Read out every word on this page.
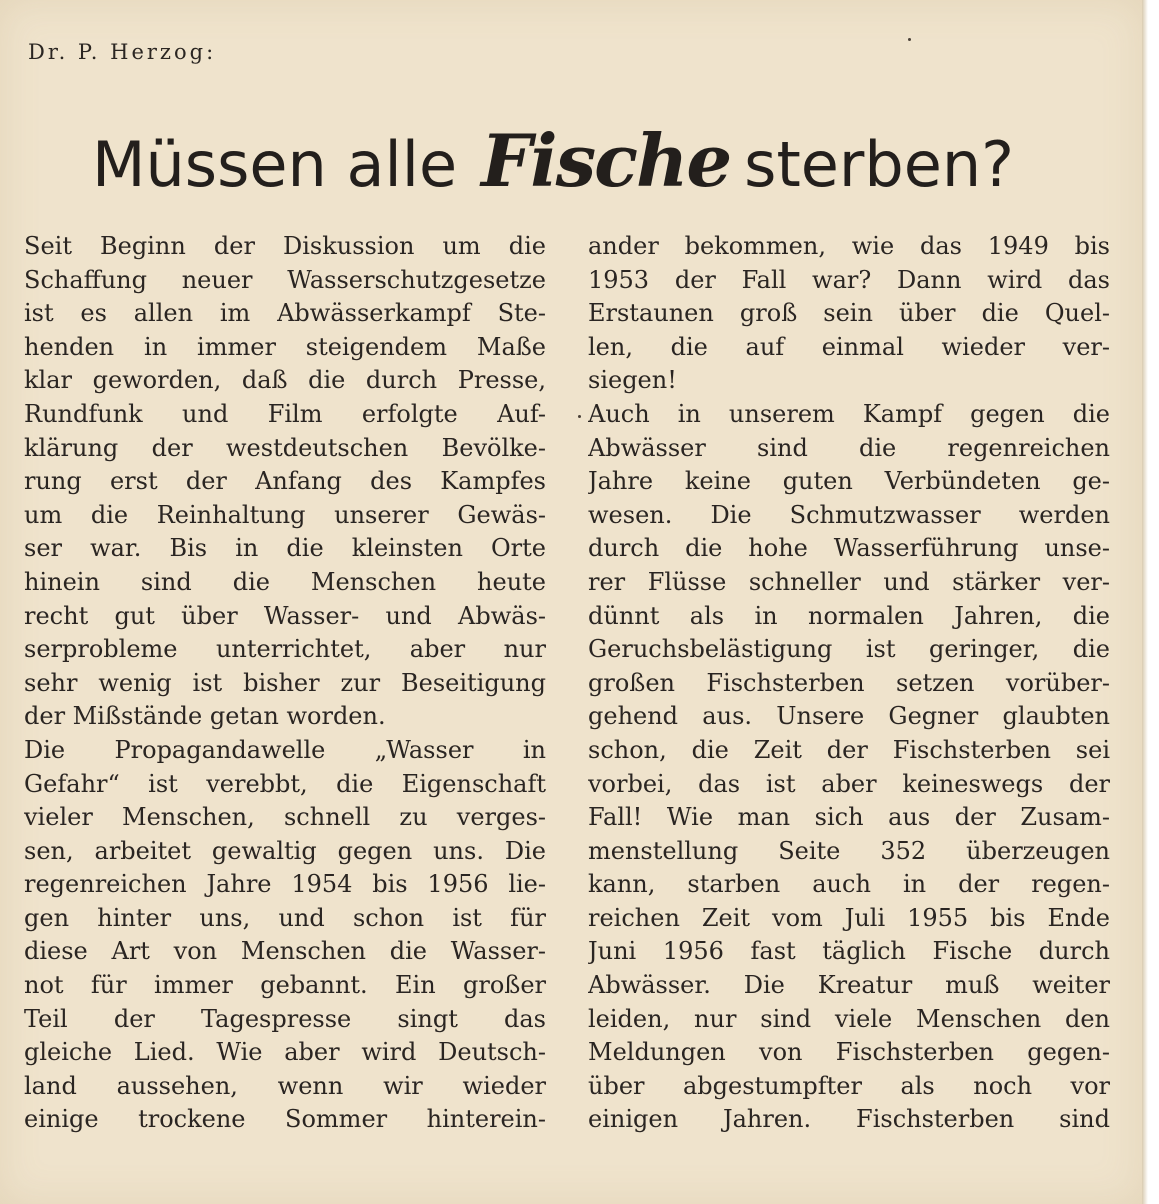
Dr. P. Herzog:

Müssen alle Fische sterben?
Seit Beginn der Diskussion um die
Schaffung neuer Wasserschutzgesetze
ist es allen im Abwässerkampf Ste-
henden in immer steigendem Maße
klar geworden, daß die durch Presse,
Rundfunk und Film erfolgte Auf-
klärung der westdeutschen Bevölke-
rung erst der Anfang des Kampfes
um die Reinhaltung unserer Gewäs-
ser war. Bis in die kleinsten Orte
hinein sind die Menschen heute
recht gut über Wasser- und Abwäs-
serprobleme unterrichtet, aber nur
sehr wenig ist bisher zur Beseitigung
der Mißstände getan worden.
Die Propagandawelle „Wasser in
Gefahr“ ist verebbt, die Eigenschaft
vieler Menschen, schnell zu verges-
sen, arbeitet gewaltig gegen uns. Die
regenreichen Jahre 1954 bis 1956 lie-
gen hinter uns, und schon ist für
diese Art von Menschen die Wasser-
not für immer gebannt. Ein großer
Teil der Tagespresse singt das
gleiche Lied. Wie aber wird Deutsch-
land aussehen, wenn wir wieder
einige trockene Sommer hinterein-
ander bekommen, wie das 1949 bis
1953 der Fall war? Dann wird das
Erstaunen groß sein über die Quel-
len, die auf einmal wieder ver-
siegen!
Auch in unserem Kampf gegen die
Abwässer sind die regenreichen
Jahre keine guten Verbündeten ge-
wesen. Die Schmutzwasser werden
durch die hohe Wasserführung unse-
rer Flüsse schneller und stärker ver-
dünnt als in normalen Jahren, die
Geruchsbelästigung ist geringer, die
großen Fischsterben setzen vorüber-
gehend aus. Unsere Gegner glaubten
schon, die Zeit der Fischsterben sei
vorbei, das ist aber keineswegs der
Fall! Wie man sich aus der Zusam-
menstellung Seite 352 überzeugen
kann, starben auch in der regen-
reichen Zeit vom Juli 1955 bis Ende
Juni 1956 fast täglich Fische durch
Abwässer. Die Kreatur muß weiter
leiden, nur sind viele Menschen den
Meldungen von Fischsterben gegen-
über abgestumpfter als noch vor
einigen Jahren. Fischsterben sind
